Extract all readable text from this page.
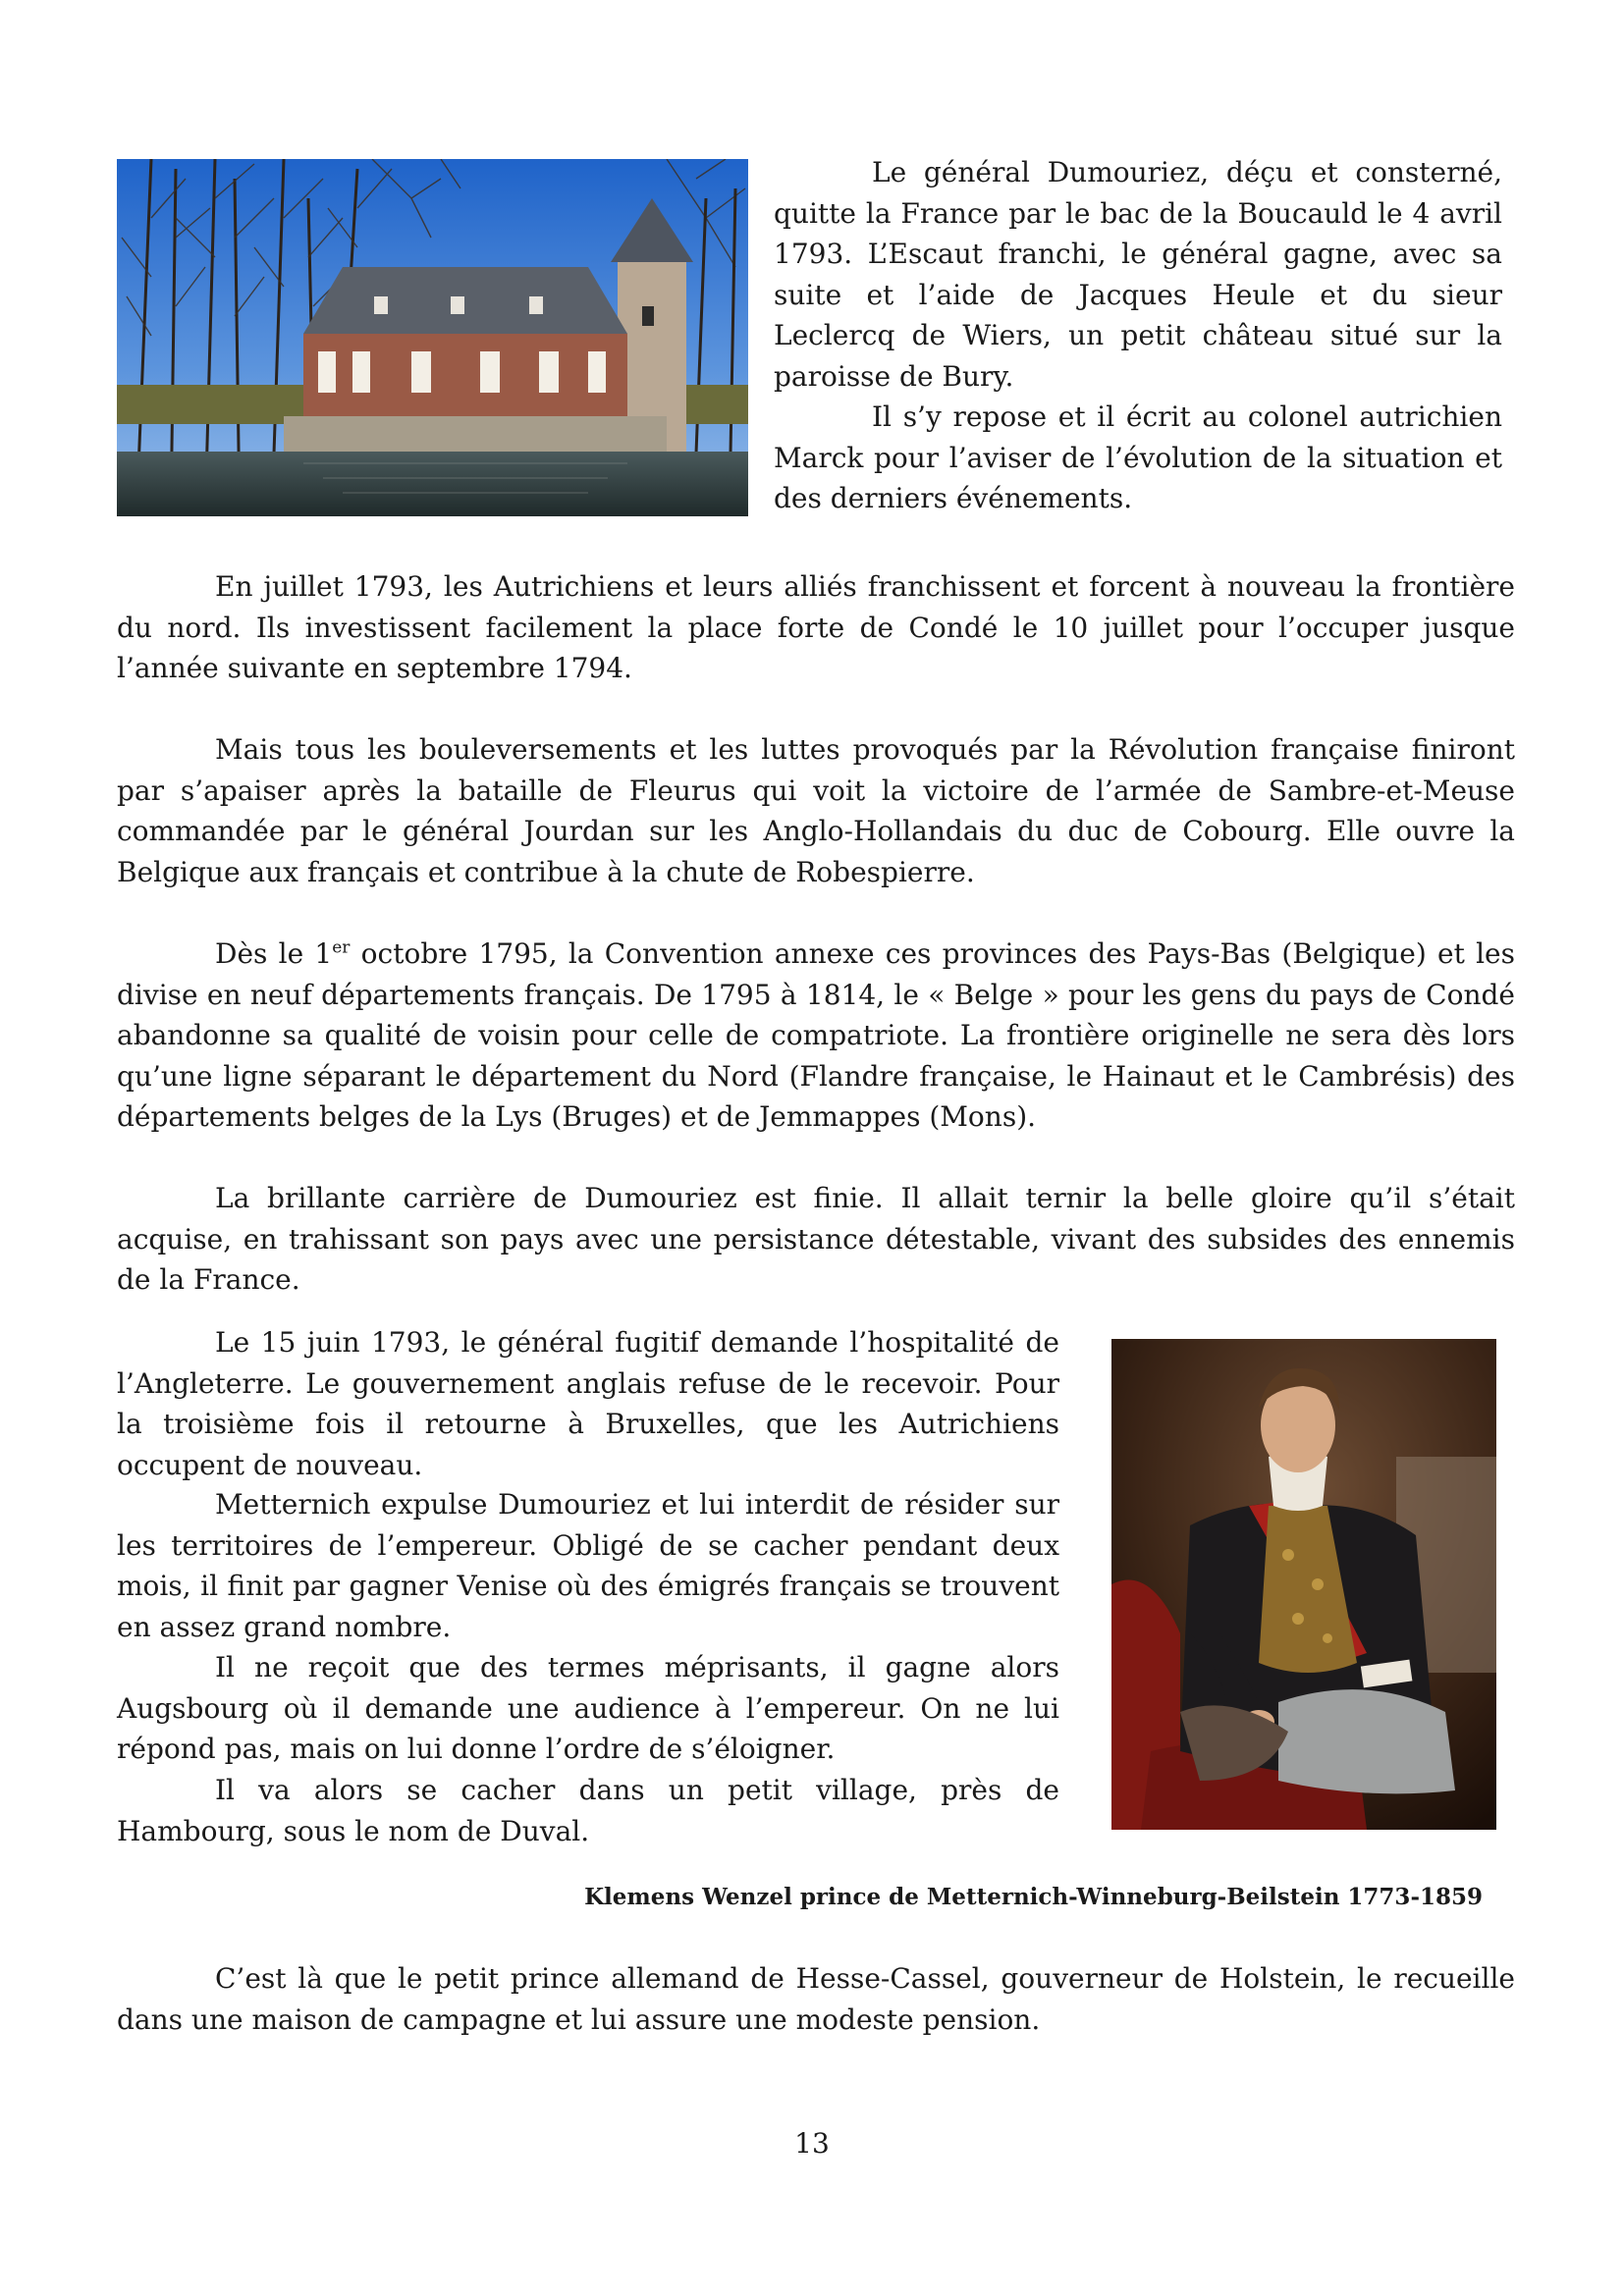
Le général Dumouriez, déçu et consterné, quitte la France par le bac de la Boucauld le 4 avril 1793. L’Escaut franchi, le général gagne, avec sa suite et l’aide de Jacques Heule et du sieur Leclercq de Wiers, un petit château situé sur la paroisse de Bury.

Il s’y repose et il écrit au colonel autrichien Marck pour l’aviser de l’évolution de la situation et des derniers événements.

En juillet 1793, les Autrichiens et leurs alliés franchissent et forcent à nouveau la frontière du nord. Ils investissent facilement la place forte de Condé le 10 juillet pour l’occuper jusque l’année suivante en septembre 1794.

Mais tous les bouleversements et les luttes provoqués par la Révolution française finiront par s’apaiser après la bataille de Fleurus qui voit la victoire de l’armée de Sambre-et-Meuse commandée par le général Jourdan sur les Anglo-Hollandais du duc de Cobourg. Elle ouvre la Belgique aux français et contribue à la chute de Robespierre.

Dès le 1er octobre 1795, la Convention annexe ces provinces des Pays-Bas (Belgique) et les divise en neuf départements français. De 1795 à 1814, le « Belge » pour les gens du pays de Condé abandonne sa qualité de voisin pour celle de compatriote. La frontière originelle ne sera dès lors qu’une ligne séparant le département du Nord (Flandre française, le Hainaut et le Cambrésis) des départements belges de la Lys (Bruges) et de Jemmappes (Mons).

La brillante carrière de Dumouriez est finie. Il allait ternir la belle gloire qu’il s’était acquise, en trahissant son pays avec une persistance détestable, vivant des subsides des ennemis de la France.

Le 15 juin 1793, le général fugitif demande l’hospitalité de l’Angleterre. Le gouvernement anglais refuse de le recevoir. Pour la troisième fois il retourne à Bruxelles, que les Autrichiens occupent de nouveau.

Metternich expulse Dumouriez et lui interdit de résider sur les territoires de l’empereur. Obligé de se cacher pendant deux mois, il finit par gagner Venise où des émigrés français se trouvent en assez grand nombre.

Il ne reçoit que des termes méprisants, il gagne alors Augsbourg où il demande une audience à l’empereur. On ne lui répond pas, mais on lui donne l’ordre de s’éloigner.

Il va alors se cacher dans un petit village, près de Hambourg, sous le nom de Duval.

Klemens Wenzel prince de Metternich-Winneburg-Beilstein 1773-1859

C’est là que le petit prince allemand de Hesse-Cassel, gouverneur de Holstein, le recueille dans une maison de campagne et lui assure une modeste pension.

13
